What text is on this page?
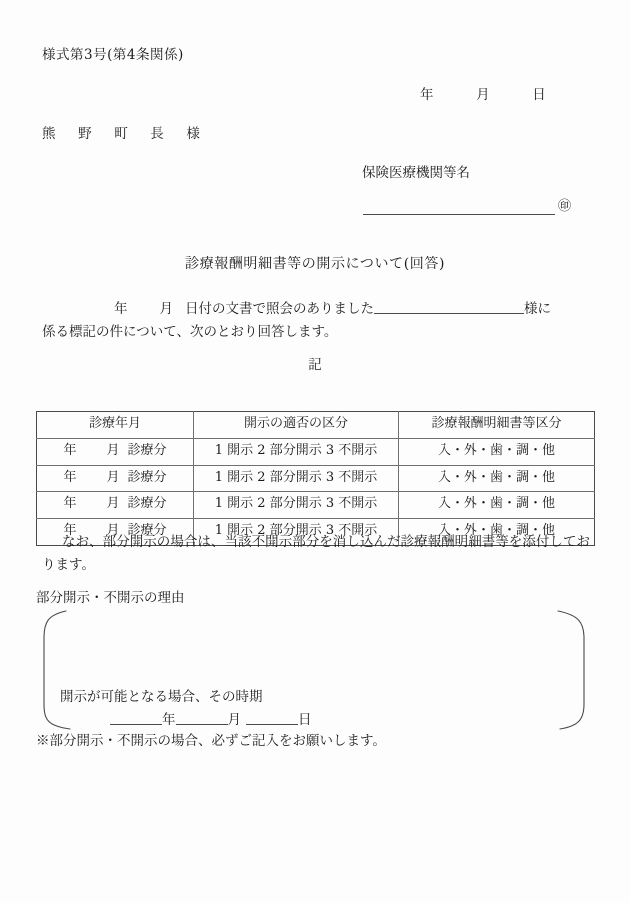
様式第3号(第4条関係)
年	月	日
熊 野 町 長 様
保険医療機関等名
㊞
診療報酬明細書等の開示について(回答)
年 月 日付の文書で照会のありました	様に
係る標記の件について、次のとおり回答します。
記
診療年月	開示の適否の区分	診療報酬明細書等区分
年 月 診療分	1 開示 2 部分開示 3 不開示	入・外・歯・調・他
年 月 診療分	1 開示 2 部分開示 3 不開示	入・外・歯・調・他
年 月 診療分	1 開示 2 部分開示 3 不開示	入・外・歯・調・他
年 月 診療分	1 開示 2 部分開示 3 不開示	入・外・歯・調・他
なお、部分開示の場合は、当該不開示部分を消し込んだ診療報酬明細書等を添付しております。
部分開示・不開示の理由
開示が可能となる場合、その時期
年	月	日
※部分開示・不開示の場合、必ずご記入をお願いします。
